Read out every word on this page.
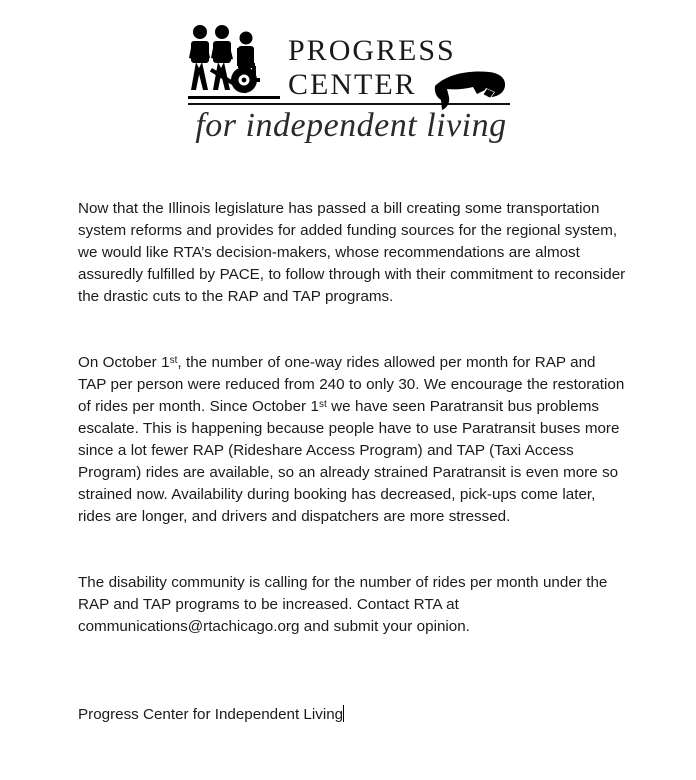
PROGRESS
CENTER
for independent living

Now that the Illinois legislature has passed a bill creating some transportation system reforms and provides for added funding sources for the regional system, we would like RTA’s decision-makers, whose recommendations are almost assuredly fulfilled by PACE, to follow through with their commitment to reconsider the drastic cuts to the RAP and TAP programs.

On October 1st, the number of one-way rides allowed per month for RAP and TAP per person were reduced from 240 to only 30. We encourage the restoration of rides per month. Since October 1st we have seen Paratransit bus problems escalate. This is happening because people have to use Paratransit buses more since a lot fewer RAP (Rideshare Access Program) and TAP (Taxi Access Program) rides are available, so an already strained Paratransit is even more so strained now. Availability during booking has decreased, pick-ups come later, rides are longer, and drivers and dispatchers are more stressed.

The disability community is calling for the number of rides per month under the RAP and TAP programs to be increased. Contact RTA at communications@rtachicago.org and submit your opinion.

Progress Center for Independent Living
